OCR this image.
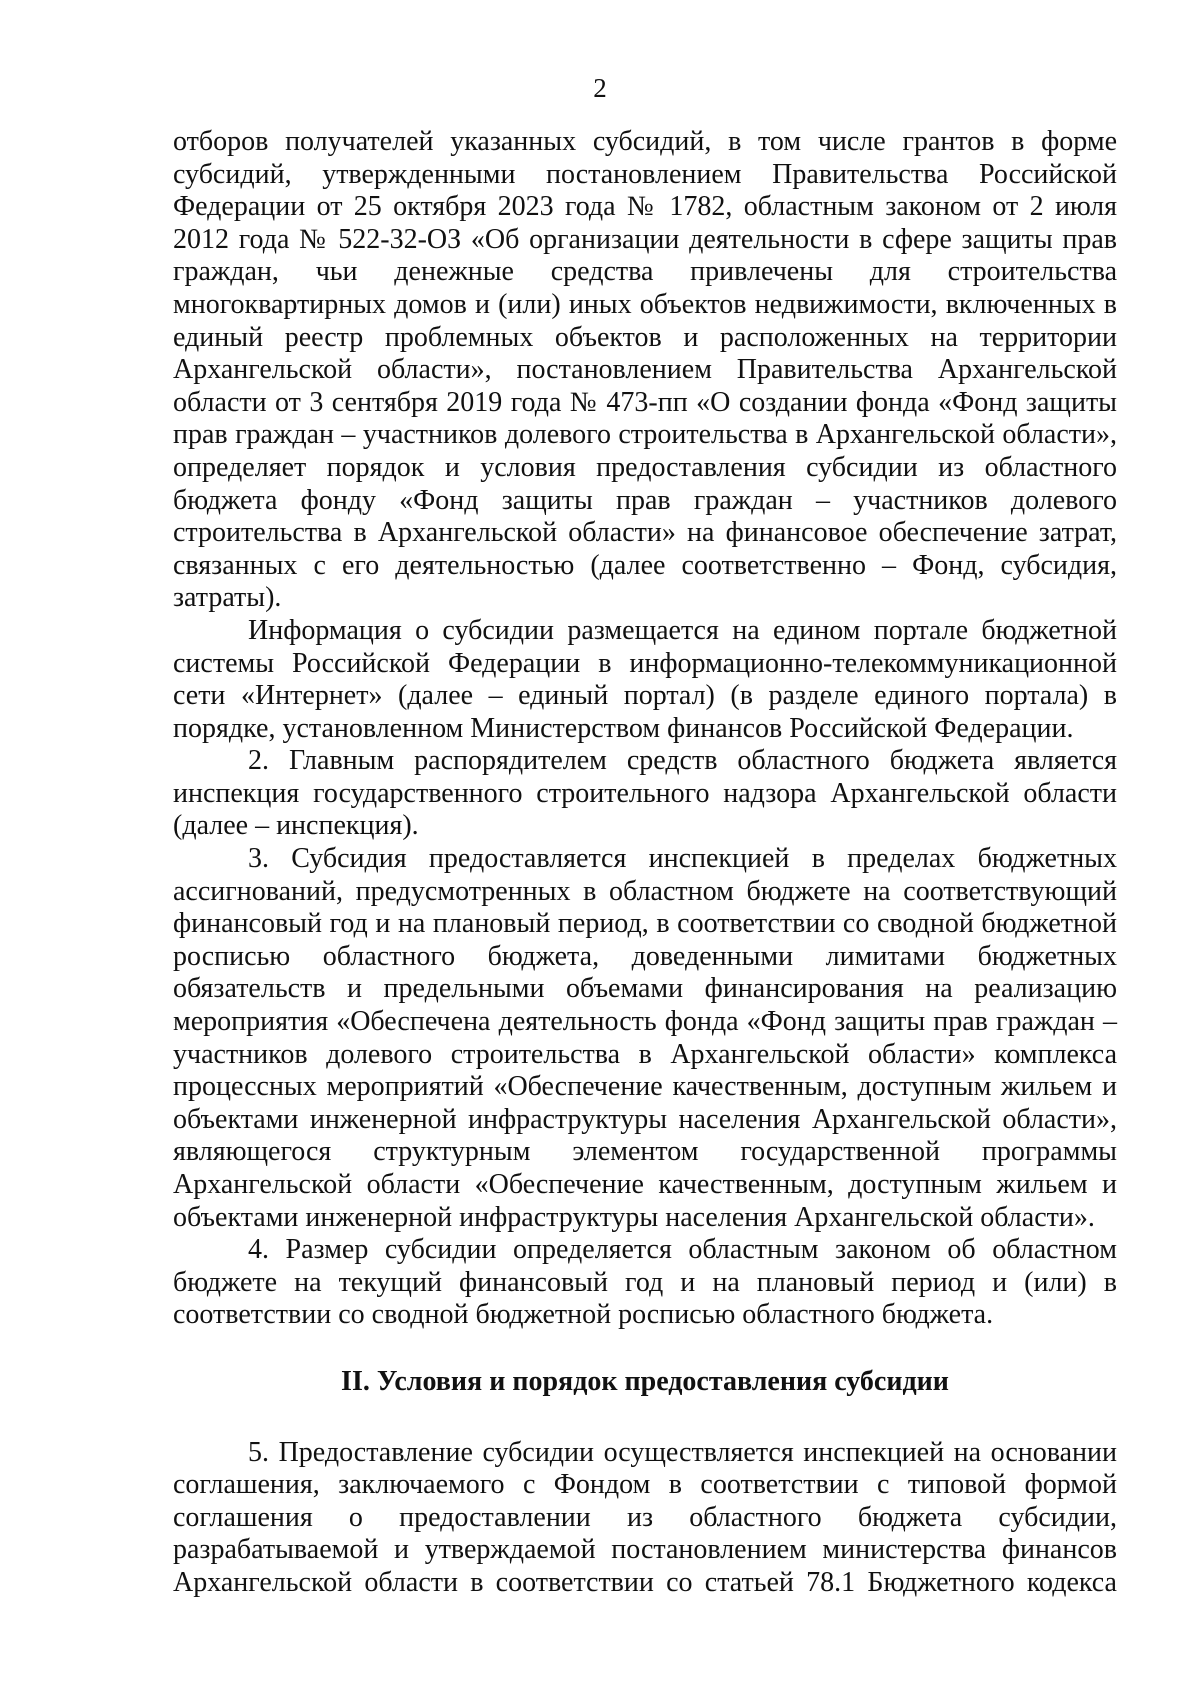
2

отборов получателей указанных субсидий, в том числе грантов в форме субсидий, утвержденными постановлением Правительства Российской Федерации от 25 октября 2023 года № 1782, областным законом от 2 июля 2012 года № 522-32-ОЗ «Об организации деятельности в сфере защиты прав граждан, чьи денежные средства привлечены для строительства многоквартирных домов и (или) иных объектов недвижимости, включенных в единый реестр проблемных объектов и расположенных на территории Архангельской области», постановлением Правительства Архангельской области от 3 сентября 2019 года № 473-пп «О создании фонда «Фонд защиты прав граждан – участников долевого строительства в Архангельской области», определяет порядок и условия предоставления субсидии из областного бюджета фонду «Фонд защиты прав граждан – участников долевого строительства в Архангельской области» на финансовое обеспечение затрат, связанных с его деятельностью (далее соответственно – Фонд, субсидия, затраты).

Информация о субсидии размещается на едином портале бюджетной системы Российской Федерации в информационно-телекоммуникационной сети «Интернет» (далее – единый портал) (в разделе единого портала) в порядке, установленном Министерством финансов Российской Федерации.

2. Главным распорядителем средств областного бюджета является инспекция государственного строительного надзора Архангельской области (далее – инспекция).

3. Субсидия предоставляется инспекцией в пределах бюджетных ассигнований, предусмотренных в областном бюджете на соответствующий финансовый год и на плановый период, в соответствии со сводной бюджетной росписью областного бюджета, доведенными лимитами бюджетных обязательств и предельными объемами финансирования на реализацию мероприятия «Обеспечена деятельность фонда «Фонд защиты прав граждан – участников долевого строительства в Архангельской области» комплекса процессных мероприятий «Обеспечение качественным, доступным жильем и объектами инженерной инфраструктуры населения Архангельской области», являющегося структурным элементом государственной программы Архангельской области «Обеспечение качественным, доступным жильем и объектами инженерной инфраструктуры населения Архангельской области».

4. Размер субсидии определяется областным законом об областном бюджете на текущий финансовый год и на плановый период и (или) в соответствии со сводной бюджетной росписью областного бюджета.

II. Условия и порядок предоставления субсидии

5. Предоставление субсидии осуществляется инспекцией на основании соглашения, заключаемого с Фондом в соответствии с типовой формой соглашения о предоставлении из областного бюджета субсидии, разрабатываемой и утверждаемой постановлением министерства финансов Архангельской области в соответствии со статьей 78.1 Бюджетного кодекса
